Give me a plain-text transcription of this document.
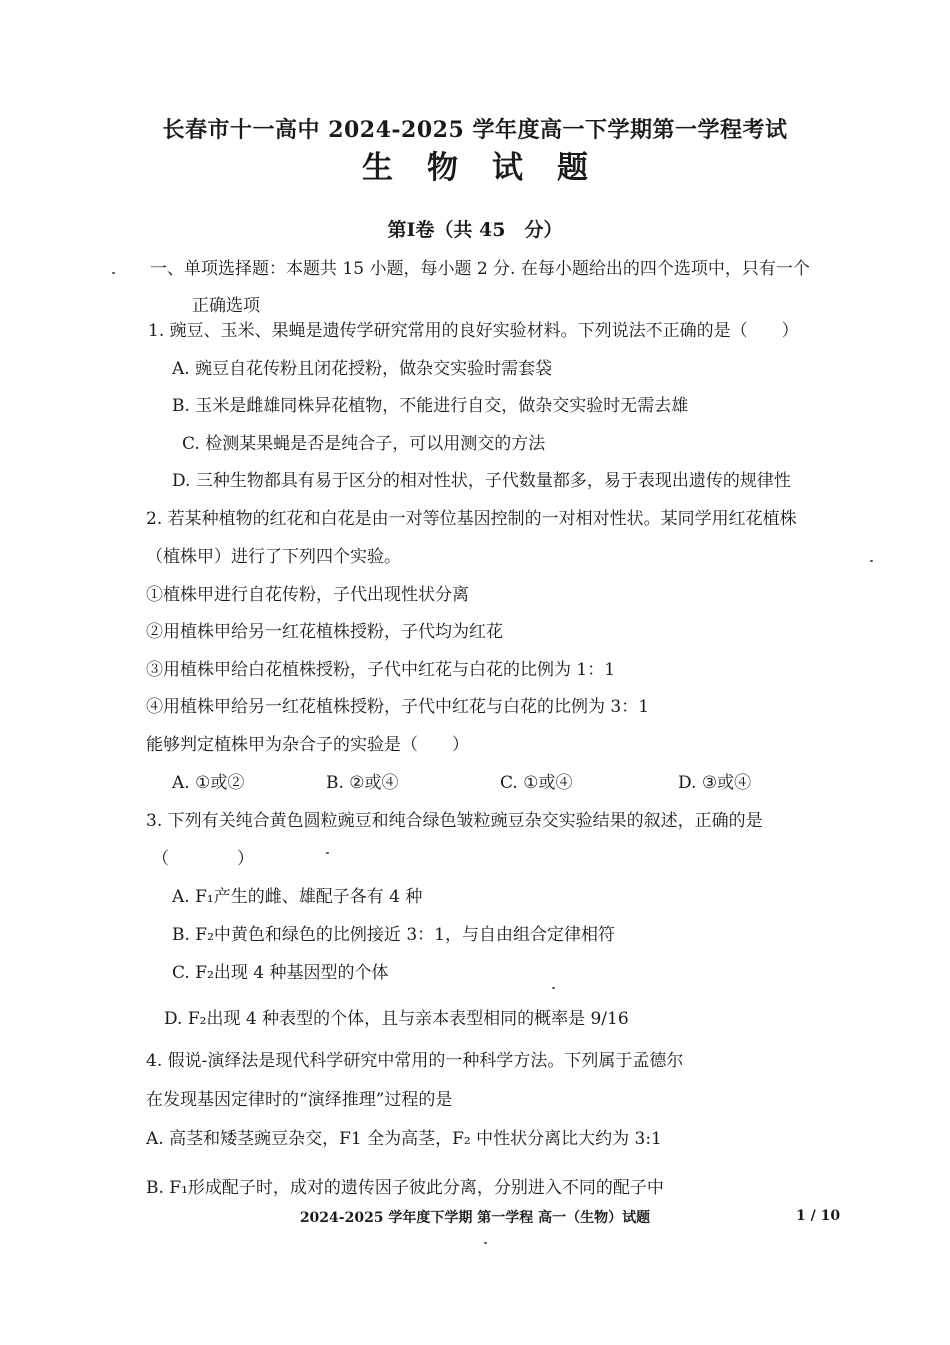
长春市十一高中 2024-2025 学年度高一下学期第一学程考试
生物试题
第Ⅰ卷（共 45　分）
一、单项选择题：本题共 15 小题，每小题 2 分. 在每小题给出的四个选项中，只有一个
正确选项
1. 豌豆、玉米、果蝇是遗传学研究常用的良好实验材料。下列说法不正确的是（　　）
A. 豌豆自花传粉且闭花授粉，做杂交实验时需套袋
B. 玉米是雌雄同株异花植物，不能进行自交，做杂交实验时无需去雄
C. 检测某果蝇是否是纯合子，可以用测交的方法
D. 三种生物都具有易于区分的相对性状，子代数量都多，易于表现出遗传的规律性
2. 若某种植物的红花和白花是由一对等位基因控制的一对相对性状。某同学用红花植株
（植株甲）进行了下列四个实验。
①植株甲进行自花传粉，子代出现性状分离
②用植株甲给另一红花植株授粉，子代均为红花
③用植株甲给白花植株授粉，子代中红花与白花的比例为 1：1
④用植株甲给另一红花植株授粉，子代中红花与白花的比例为 3：1
能够判定植株甲为杂合子的实验是（　　）
A. ①或②	B. ②或④	C. ①或④	D. ③或④
3. 下列有关纯合黄色圆粒豌豆和纯合绿色皱粒豌豆杂交实验结果的叙述，正确的是
（　　　　）
A. F₁产生的雌、雄配子各有 4 种
B. F₂中黄色和绿色的比例接近 3：1，与自由组合定律相符
C. F₂出现 4 种基因型的个体
D. F₂出现 4 种表型的个体，且与亲本表型相同的概率是 9/16
4. 假说-演绎法是现代科学研究中常用的一种科学方法。下列属于孟德尔
在发现基因定律时的“演绎推理”过程的是
A. 高茎和矮茎豌豆杂交，F1 全为高茎，F₂ 中性状分离比大约为 3:1
B. F₁形成配子时，成对的遗传因子彼此分离，分别进入不同的配子中
2024-2025 学年度下学期 第一学程 高一（生物）试题	1 / 10
